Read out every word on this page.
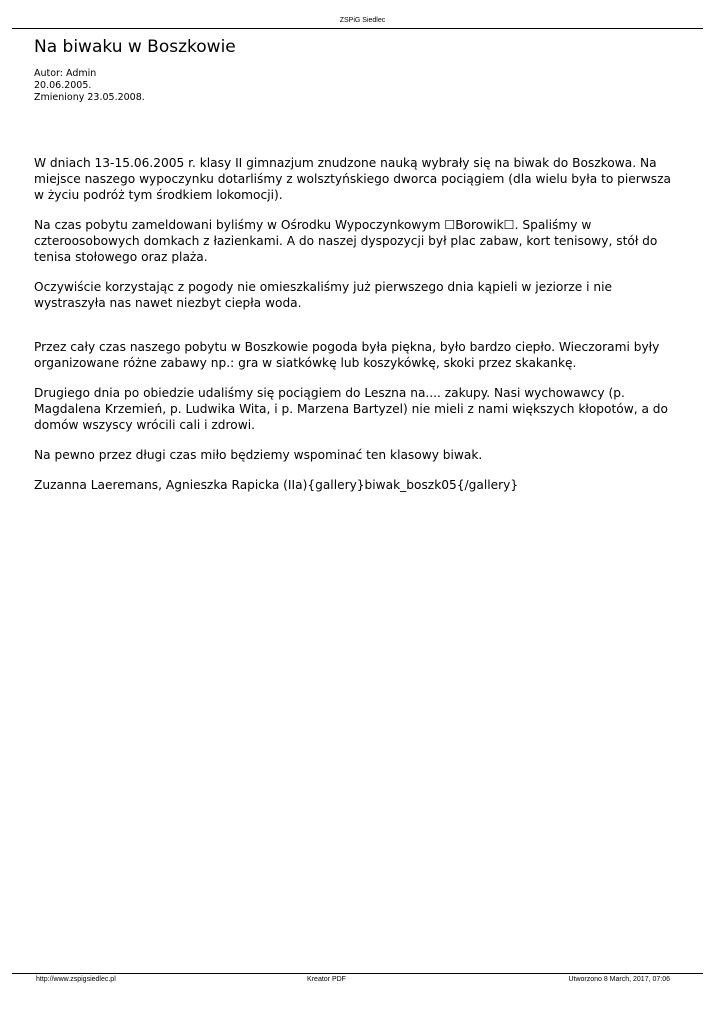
ZSPiG Siedlec
Na biwaku w Boszkowie
Autor: Admin
20.06.2005.
Zmieniony 23.05.2008.

W dniach 13-15.06.2005 r. klasy II gimnazjum znudzone nauką wybrały się na biwak do Boszkowa. Na miejsce naszego wypoczynku dotarliśmy z wolsztyńskiego dworca pociągiem (dla wielu była to pierwsza w życiu podróż tym środkiem lokomocji).

Na czas pobytu zameldowani byliśmy w Ośrodku Wypoczynkowym ☐Borowik☐. Spaliśmy w czteroosobowych domkach z łazienkami. A do naszej dyspozycji był plac zabaw, kort tenisowy, stół do tenisa stołowego oraz plaża.

Oczywiście korzystając z pogody nie omieszkaliśmy już pierwszego dnia kąpieli w jeziorze i nie wystraszyła nas nawet niezbyt ciepła woda.

Przez cały czas naszego pobytu w Boszkowie pogoda była piękna, było bardzo ciepło. Wieczorami były organizowane różne zabawy np.: gra w siatkówkę lub koszykówkę, skoki przez skakankę.

Drugiego dnia po obiedzie udaliśmy się pociągiem do Leszna na.... zakupy. Nasi wychowawcy (p. Magdalena Krzemień, p. Ludwika Wita, i p. Marzena Bartyzel) nie mieli z nami większych kłopotów, a do domów wszyscy wrócili cali i zdrowi.

Na pewno przez długi czas miło będziemy wspominać ten klasowy biwak.

Zuzanna Laeremans, Agnieszka Rapicka (IIa){gallery}biwak_boszk05{/gallery}

http://www.zspigsiedlec.pl	Kreator PDF	Utworzono 8 March, 2017, 07:06
